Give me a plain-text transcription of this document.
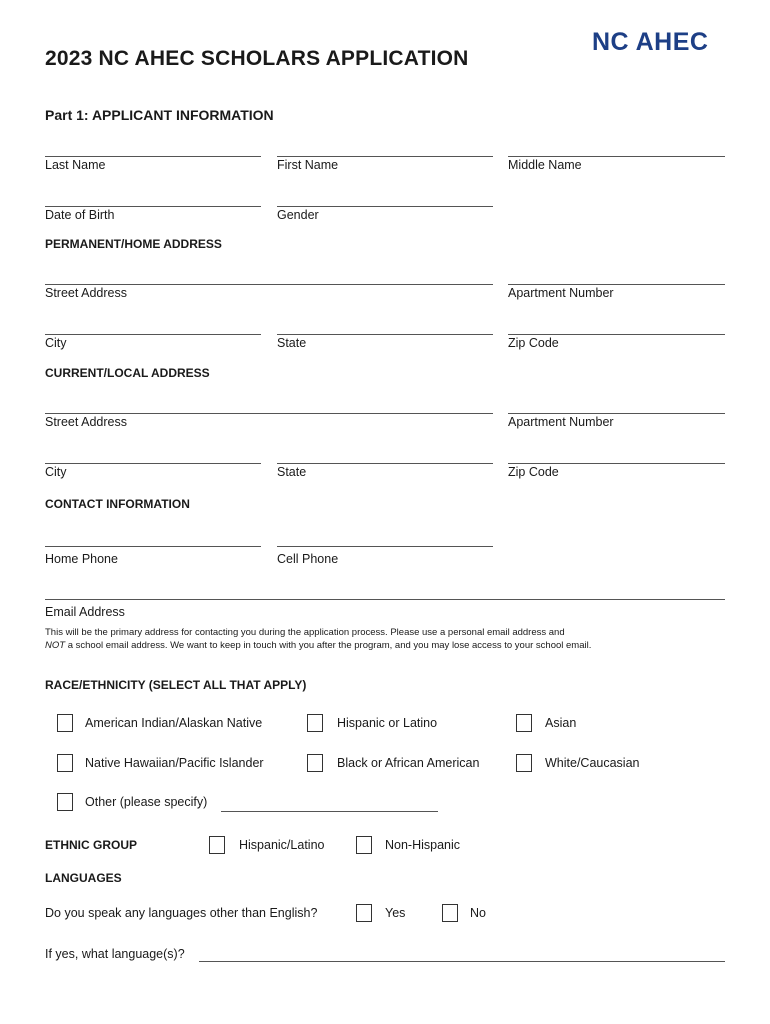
2023 NC AHEC SCHOLARS APPLICATION
NC AHEC
Part 1: APPLICANT INFORMATION
Last Name	First Name	Middle Name
Date of Birth	Gender
PERMANENT/HOME ADDRESS
Street Address	Apartment Number
City	State	Zip Code
CURRENT/LOCAL ADDRESS
Street Address	Apartment Number
City	State	Zip Code
CONTACT INFORMATION
Home Phone	Cell Phone
Email Address
This will be the primary address for contacting you during the application process. Please use a personal email address and
NOT a school email address. We want to keep in touch with you after the program, and you may lose access to your school email.
RACE/ETHNICITY (SELECT ALL THAT APPLY)
American Indian/Alaskan Native	Hispanic or Latino	Asian
Native Hawaiian/Pacific Islander	Black or African American	White/Caucasian
Other (please specify)
ETHNIC GROUP	Hispanic/Latino	Non-Hispanic
LANGUAGES
Do you speak any languages other than English?	Yes	No
If yes, what language(s)?
